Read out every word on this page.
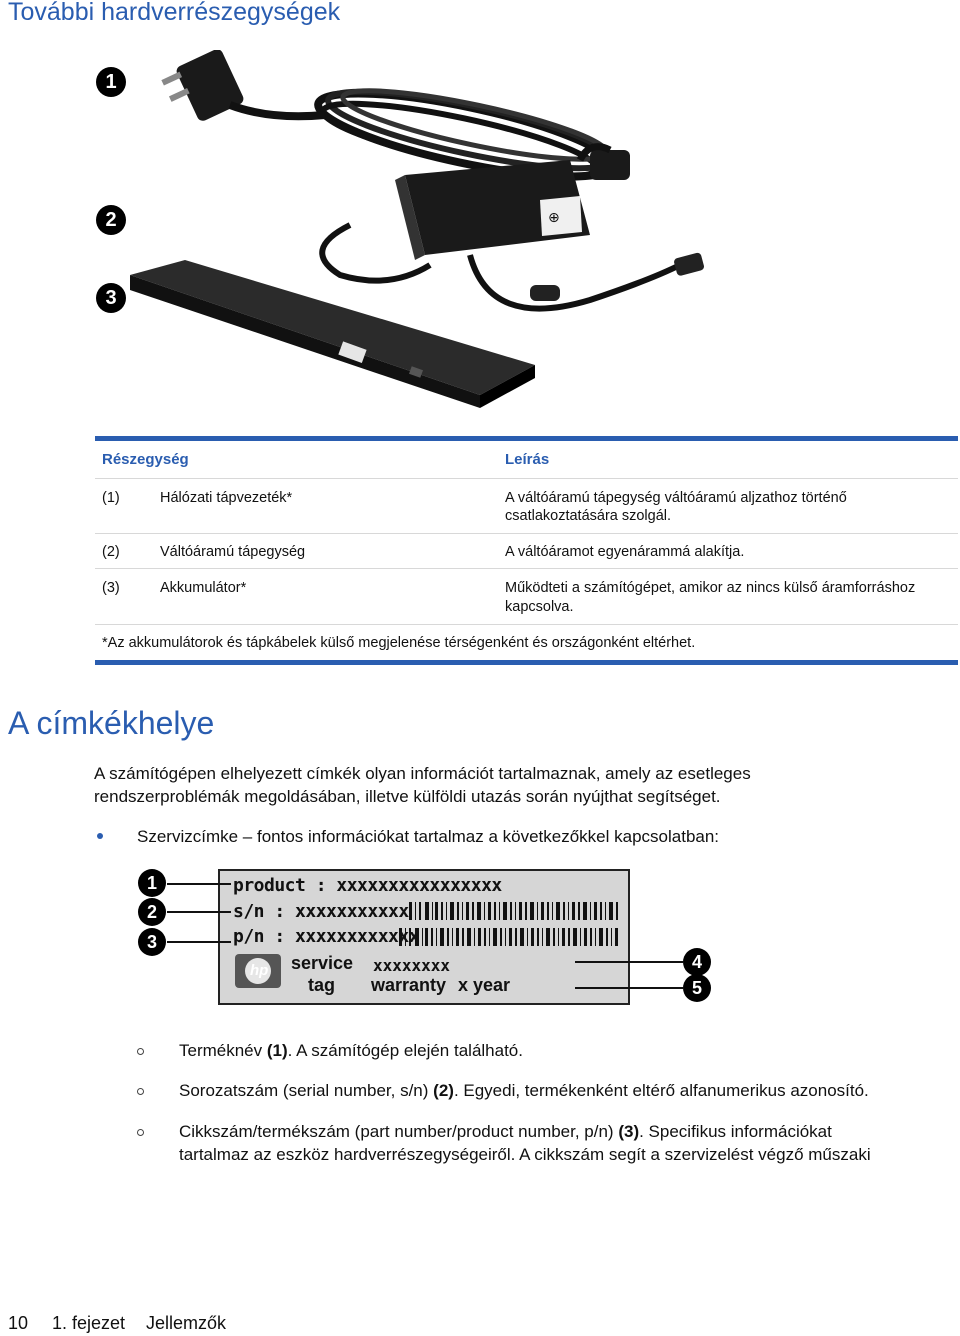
További hardverrészegységek
⊕
1
2
3
Részegység	Leírás
(1)	Hálózati tápvezeték*	A váltóáramú tápegység váltóáramú aljzathoz történő
csatlakoztatására szolgál.
(2)	Váltóáramú tápegység	A váltóáramot egyenárammá alakítja.
(3)	Akkumulátor*	Működteti a számítógépet, amikor az nincs külső áramforráshoz
kapcsolva.
*Az akkumulátorok és tápkábelek külső megjelenése térségenként és országonként eltérhet.
A címkékhelye
A számítógépen elhelyezett címkék olyan információt tartalmaznak, amely az esetleges
rendszerproblémák megoldásában, illetve külföldi utazás során nyújthat segítséget.
Szervizcímke – fontos információkat tartalmaz a következőkkel kapcsolatban:
product : xxxxxxxxxxxxxxxx
s/n : xxxxxxxxxxx
p/n : xxxxxxxxxxxx
hp service
tag
xxxxxxxx
warranty x year
1
2
3
4
5
Terméknév (1). A számítógép elején található.
Sorozatszám (serial number, s/n) (2). Egyedi, termékenként eltérő alfanumerikus azonosító.
Cikkszám/termékszám (part number/product number, p/n) (3). Specifikus információkat
tartalmaz az eszköz hardverrészegységeiről. A cikkszám segít a szervizelést végző műszaki
10 1. fejezet Jellemzők
